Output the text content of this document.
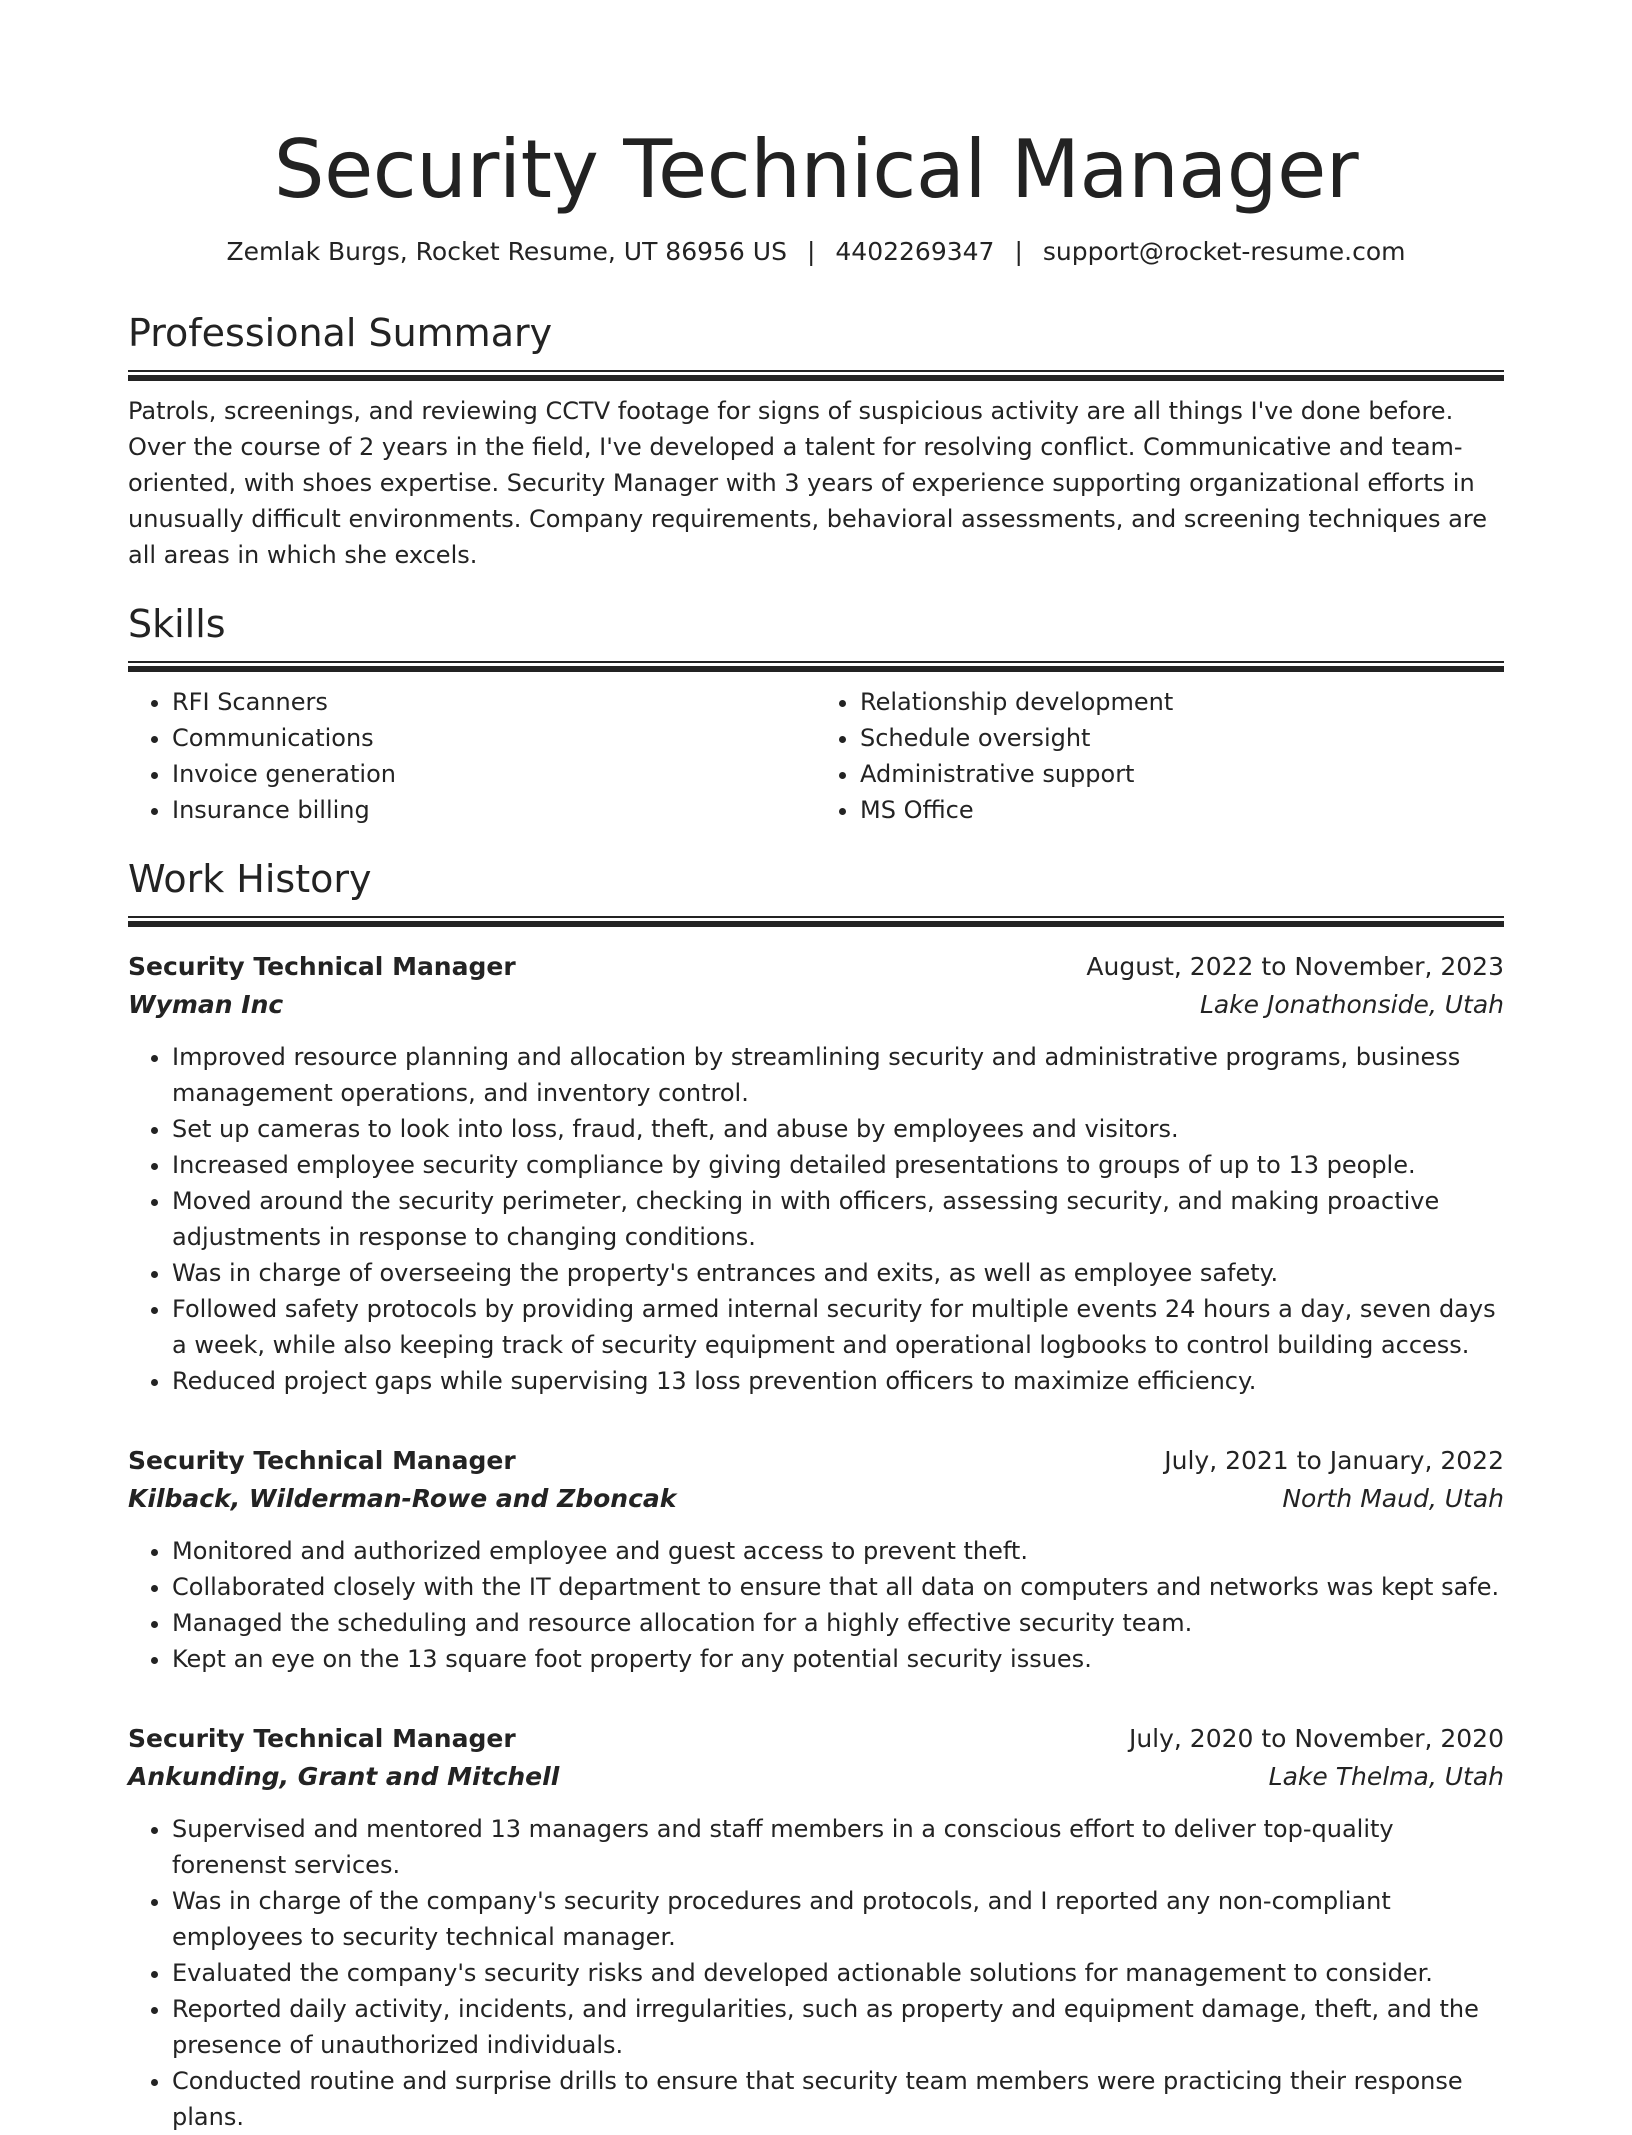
Security Technical Manager
Zemlak Burgs, Rocket Resume, UT 86956 US | 4402269347 | support@rocket-resume.com
Professional Summary

Patrols, screenings, and reviewing CCTV footage for signs of suspicious activity are all things I've done before. Over the course of 2 years in the field, I've developed a talent for resolving conflict. Communicative and team-oriented, with shoes expertise. Security Manager with 3 years of experience supporting organizational efforts in unusually difficult environments. Company requirements, behavioral assessments, and screening techniques are all areas in which she excels.

Skills
• RFI Scanners
• Communications
• Invoice generation
• Insurance billing
• Relationship development
• Schedule oversight
• Administrative support
• MS Office
Work History
Security Technical Manager	August, 2022 to November, 2023
Wyman Inc	Lake Jonathonside, Utah
• Improved resource planning and allocation by streamlining security and administrative programs, business management operations, and inventory control.
• Set up cameras to look into loss, fraud, theft, and abuse by employees and visitors.
• Increased employee security compliance by giving detailed presentations to groups of up to 13 people.
• Moved around the security perimeter, checking in with officers, assessing security, and making proactive adjustments in response to changing conditions.
• Was in charge of overseeing the property's entrances and exits, as well as employee safety.
• Followed safety protocols by providing armed internal security for multiple events 24 hours a day, seven days a week, while also keeping track of security equipment and operational logbooks to control building access.
• Reduced project gaps while supervising 13 loss prevention officers to maximize efficiency.
Security Technical Manager	July, 2021 to January, 2022
Kilback, Wilderman-Rowe and Zboncak	North Maud, Utah
• Monitored and authorized employee and guest access to prevent theft.
• Collaborated closely with the IT department to ensure that all data on computers and networks was kept safe.
• Managed the scheduling and resource allocation for a highly effective security team.
• Kept an eye on the 13 square foot property for any potential security issues.
Security Technical Manager	July, 2020 to November, 2020
Ankunding, Grant and Mitchell	Lake Thelma, Utah
• Supervised and mentored 13 managers and staff members in a conscious effort to deliver top-quality forenenst services.
• Was in charge of the company's security procedures and protocols, and I reported any non-compliant employees to security technical manager.
• Evaluated the company's security risks and developed actionable solutions for management to consider.
• Reported daily activity, incidents, and irregularities, such as property and equipment damage, theft, and the presence of unauthorized individuals.
• Conducted routine and surprise drills to ensure that security team members were practicing their response plans.
